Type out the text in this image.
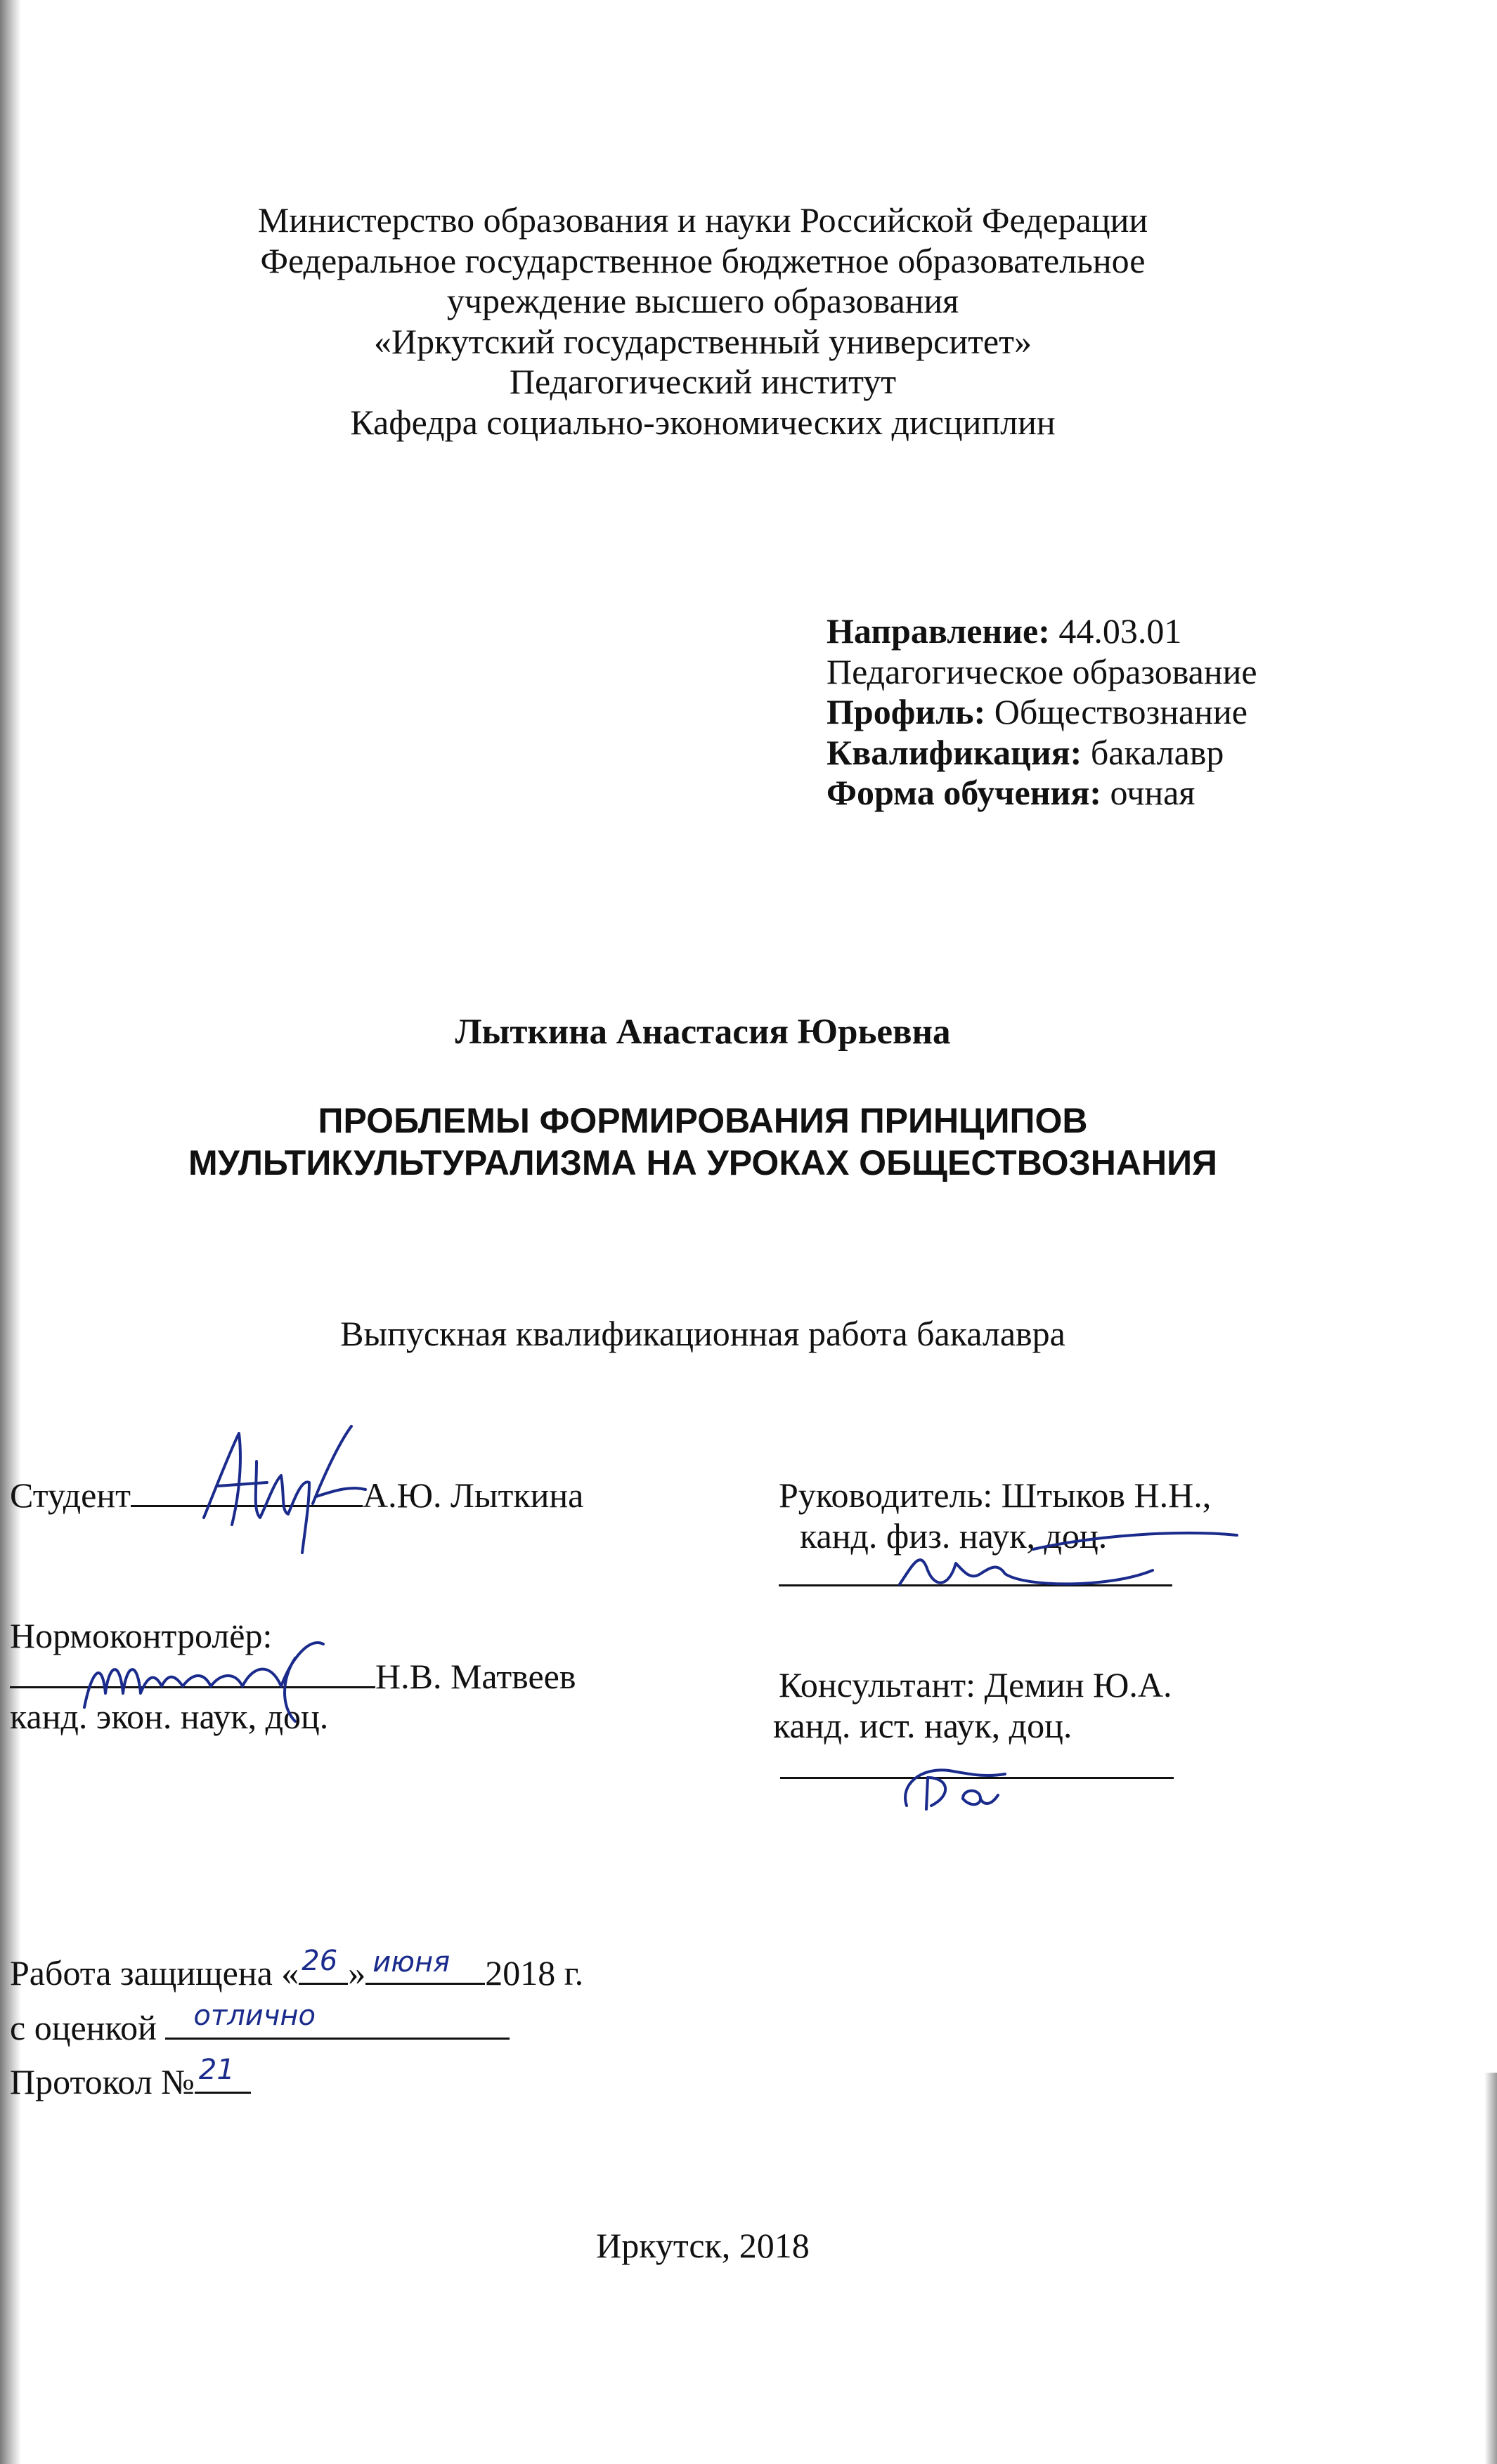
Министерство образования и науки Российской Федерации
Федеральное государственное бюджетное образовательное
учреждение высшего образования
«Иркутский государственный университет»
Педагогический институт
Кафедра социально-экономических дисциплин
Направление: 44.03.01
Педагогическое образование
Профиль: Обществознание
Квалификация: бакалавр
Форма обучения: очная
Лыткина Анастасия Юрьевна
ПРОБЛЕМЫ ФОРМИРОВАНИЯ ПРИНЦИПОВ
МУЛЬТИКУЛЬТУРАЛИЗМА НА УРОКАХ ОБЩЕСТВОЗНАНИЯ
Выпускная квалификационная работа бакалавра
Студент	А.Ю. Лыткина	Руководитель: Штыков Н.Н.,
канд. физ. наук, доц.
Нормоконтролёр:
Н.В. Матвеев
канд. экон. наук, доц.
Консультант: Демин Ю.А.
канд. ист. наук, доц.
Работа защищена « 26 » июня 2018 г.
с оценкой отлично
Протокол № 21
Иркутск, 2018
